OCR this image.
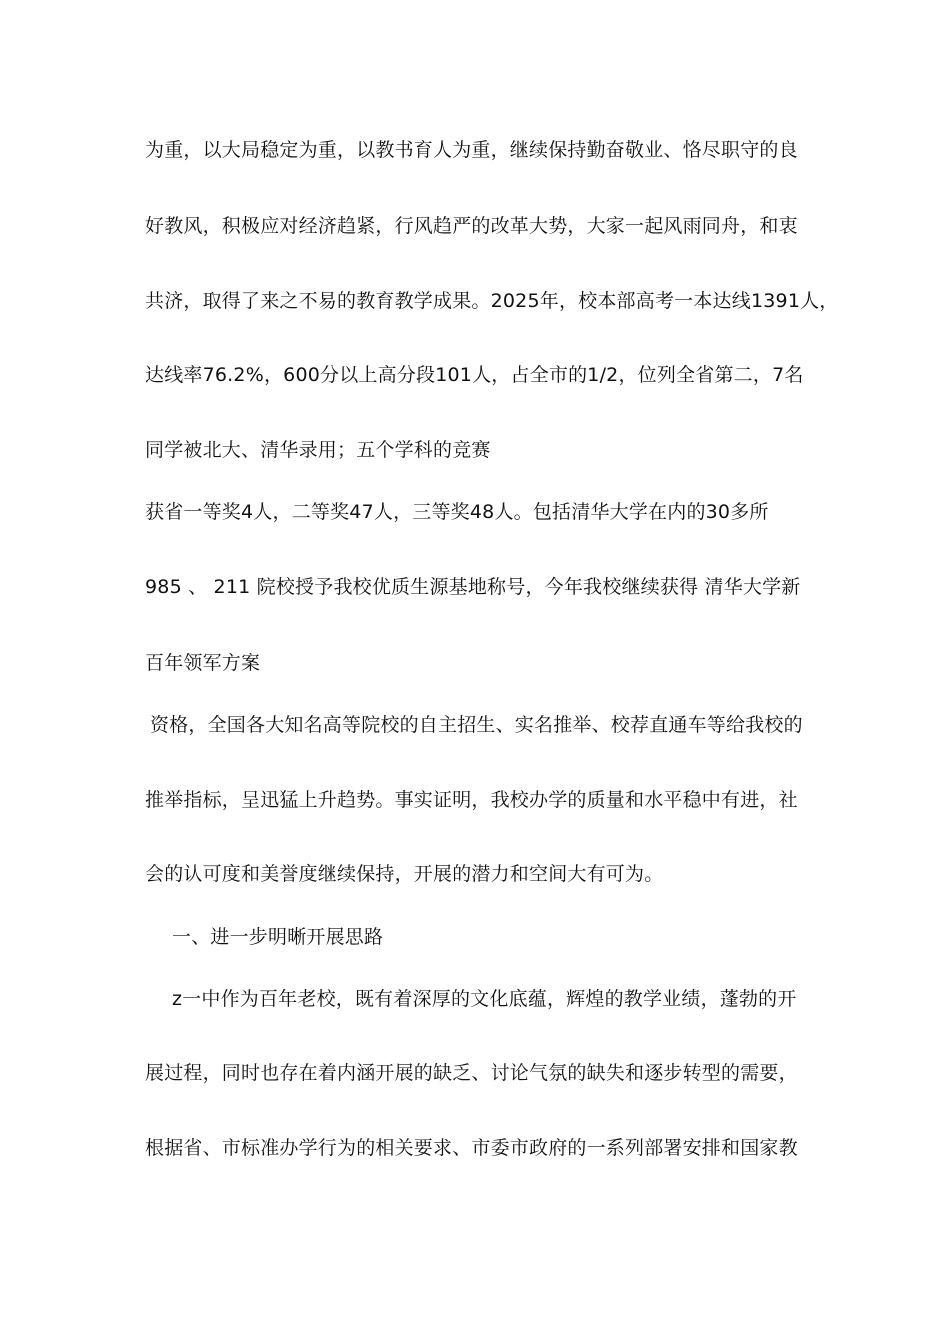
为重，以大局稳定为重，以教书育人为重，继续保持勤奋敬业、恪尽职守的良
好教风，积极应对经济趋紧，行风趋严的改革大势，大家一起风雨同舟，和衷
共济，取得了来之不易的教育教学成果。2025年，校本部高考一本达线1391人，
达线率76.2%，600分以上高分段101人，占全市的1/2，位列全省第二，7名
同学被北大、清华录用；五个学科的竞赛
获省一等奖4人，二等奖47人，三等奖48人。包括清华大学在内的30多所
985 、 211 院校授予我校优质生源基地称号，今年我校继续获得 清华大学新
百年领军方案
资格，全国各大知名高等院校的自主招生、实名推举、校荐直通车等给我校的
推举指标，呈迅猛上升趋势。事实证明，我校办学的质量和水平稳中有进，社
会的认可度和美誉度继续保持，开展的潜力和空间大有可为。
一、进一步明晰开展思路
z一中作为百年老校，既有着深厚的文化底蕴，辉煌的教学业绩，蓬勃的开
展过程，同时也存在着内涵开展的缺乏、讨论气氛的缺失和逐步转型的需要，
根据省、市标准办学行为的相关要求、市委市政府的一系列部署安排和国家教
